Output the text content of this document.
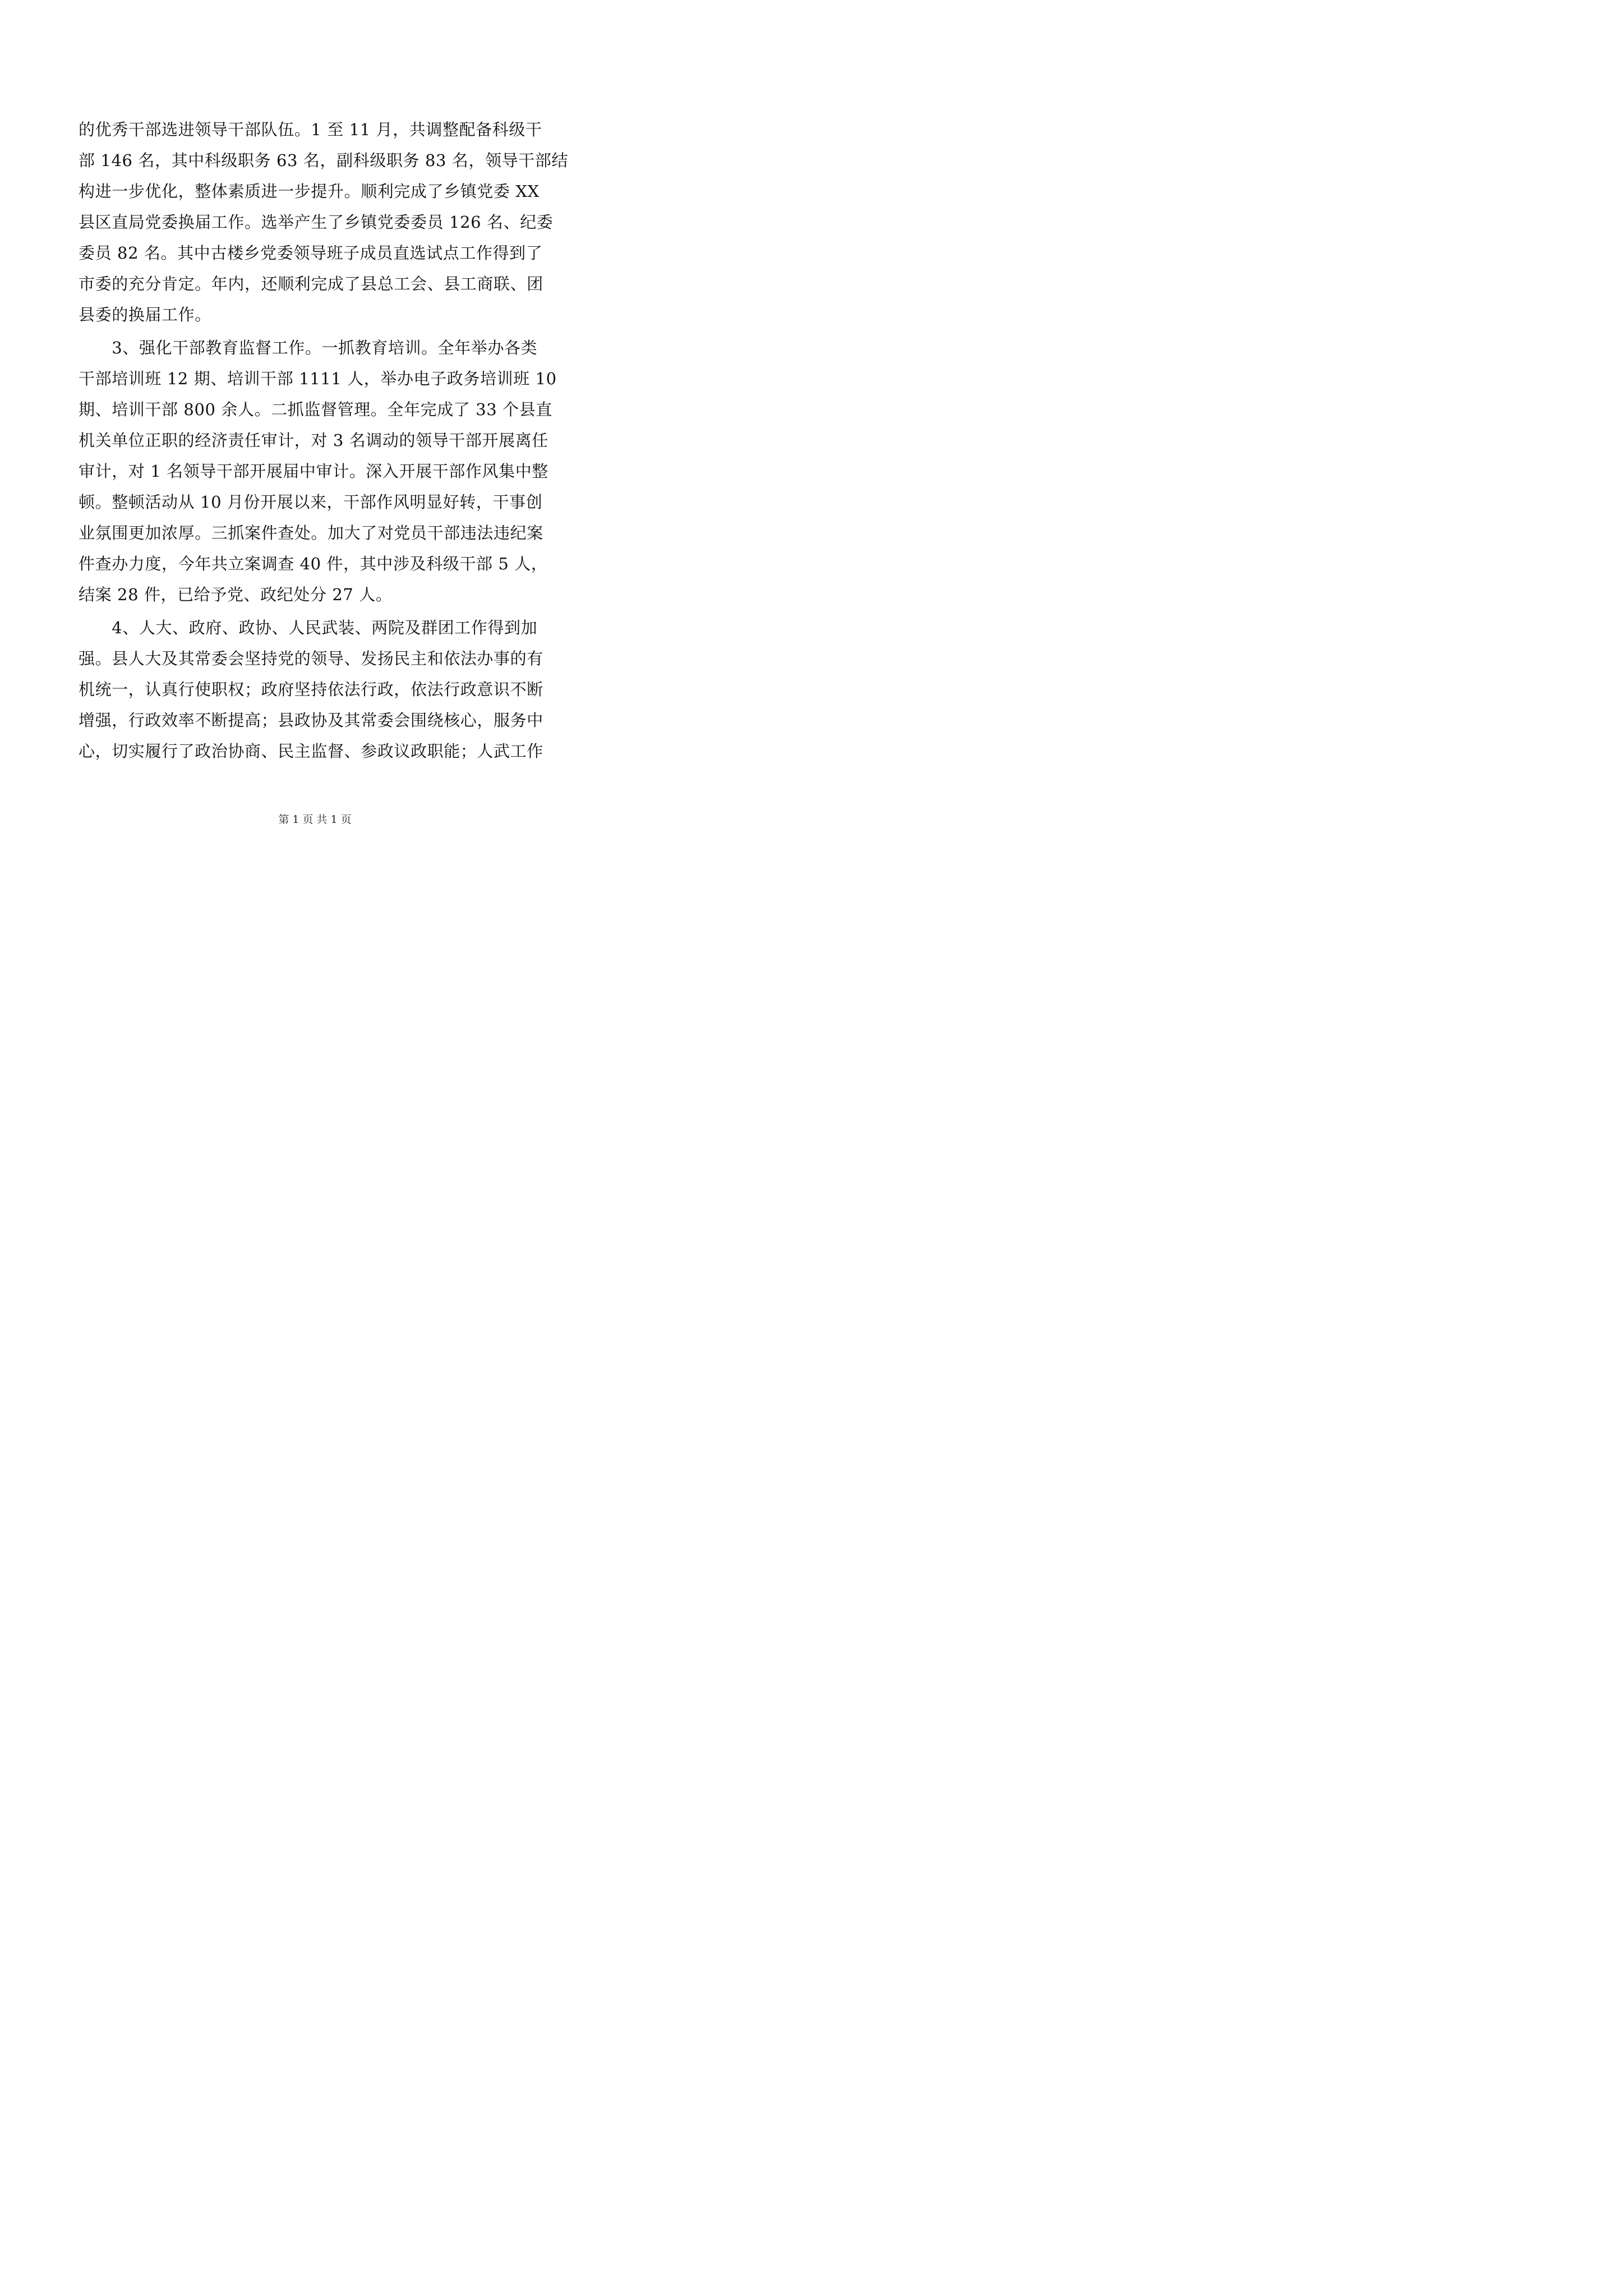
的优秀干部选进领导干部队伍。1 至 11 月，共调整配备科级干
部 146 名，其中科级职务 63 名，副科级职务 83 名，领导干部结
构进一步优化，整体素质进一步提升。顺利完成了乡镇党委 XX
县区直局党委换届工作。选举产生了乡镇党委委员 126 名、纪委
委员 82 名。其中古楼乡党委领导班子成员直选试点工作得到了
市委的充分肯定。年内，还顺利完成了县总工会、县工商联、团
县委的换届工作。
　　3、强化干部教育监督工作。一抓教育培训。全年举办各类
干部培训班 12 期、培训干部 1111 人，举办电子政务培训班 10
期、培训干部 800 余人。二抓监督管理。全年完成了 33 个县直
机关单位正职的经济责任审计，对 3 名调动的领导干部开展离任
审计，对 1 名领导干部开展届中审计。深入开展干部作风集中整
顿。整顿活动从 10 月份开展以来，干部作风明显好转，干事创
业氛围更加浓厚。三抓案件查处。加大了对党员干部违法违纪案
件查办力度，今年共立案调查 40 件，其中涉及科级干部 5 人，
结案 28 件，已给予党、政纪处分 27 人。
　　4、人大、政府、政协、人民武装、两院及群团工作得到加
强。县人大及其常委会坚持党的领导、发扬民主和依法办事的有
机统一，认真行使职权；政府坚持依法行政，依法行政意识不断
增强，行政效率不断提高；县政协及其常委会围绕核心，服务中
心，切实履行了政治协商、民主监督、参政议政职能；人武工作
第 1 页 共 1 页
